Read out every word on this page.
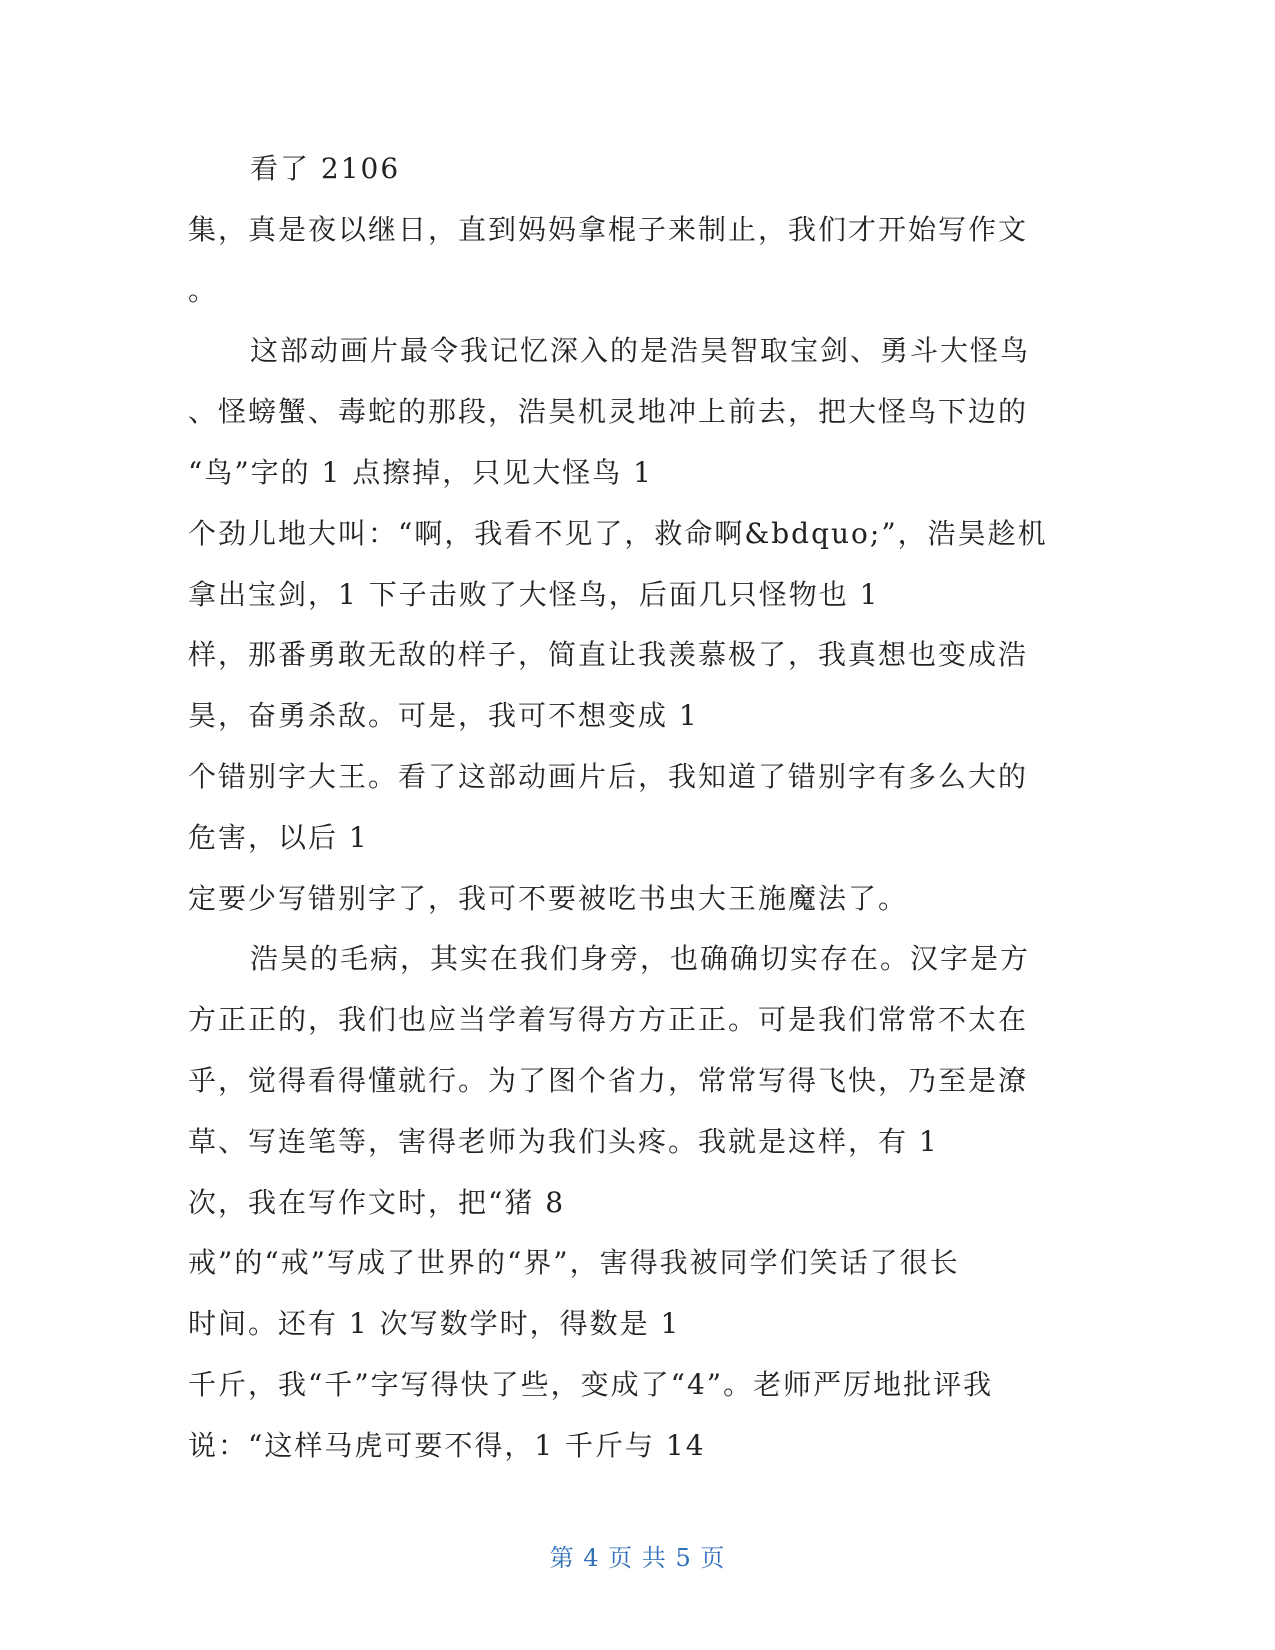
看了 2106
集，真是夜以继日，直到妈妈拿棍子来制止，我们才开始写作文
。
这部动画片最令我记忆深入的是浩昊智取宝剑、勇斗大怪鸟
、怪螃蟹、毒蛇的那段，浩昊机灵地冲上前去，把大怪鸟下边的
“鸟”字的 1 点擦掉，只见大怪鸟 1
个劲儿地大叫：“啊，我看不见了，救命啊&bdquo;”，浩昊趁机
拿出宝剑，1 下子击败了大怪鸟，后面几只怪物也 1
样，那番勇敢无敌的样子，简直让我羡慕极了，我真想也变成浩
昊，奋勇杀敌。可是，我可不想变成 1
个错别字大王。看了这部动画片后，我知道了错别字有多么大的
危害，以后 1
定要少写错别字了，我可不要被吃书虫大王施魔法了。
浩昊的毛病，其实在我们身旁，也确确切实存在。汉字是方
方正正的，我们也应当学着写得方方正正。可是我们常常不太在
乎，觉得看得懂就行。为了图个省力，常常写得飞快，乃至是潦
草、写连笔等，害得老师为我们头疼。我就是这样，有 1
次，我在写作文时，把“猪 8
戒”的“戒”写成了世界的“界”，害得我被同学们笑话了很长
时间。还有 1 次写数学时，得数是 1
千斤，我“千”字写得快了些，变成了“4”。老师严厉地批评我
说：“这样马虎可要不得，1 千斤与 14
第 4 页 共 5 页
